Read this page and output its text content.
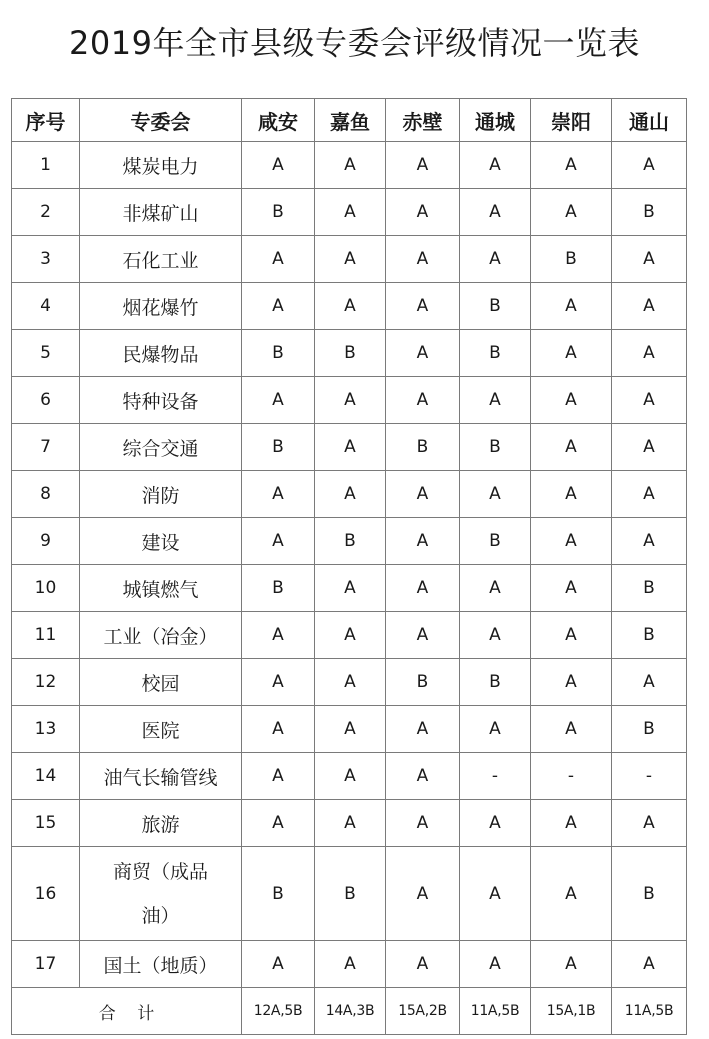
2019年全市县级专委会评级情况一览表
序号	专委会	咸安	嘉鱼	赤壁	通城	崇阳	通山
1	煤炭电力	A	A	A	A	A	A
2	非煤矿山	B	A	A	A	A	B
3	石化工业	A	A	A	A	B	A
4	烟花爆竹	A	A	A	B	A	A
5	民爆物品	B	B	A	B	A	A
6	特种设备	A	A	A	A	A	A
7	综合交通	B	A	B	B	A	A
8	消防	A	A	A	A	A	A
9	建设	A	B	A	B	A	A
10	城镇燃气	B	A	A	A	A	B
11	工业（冶金）	A	A	A	A	A	B
12	校园	A	A	B	B	A	A
13	医院	A	A	A	A	A	B
14	油气长输管线	A	A	A	-	-	-
15	旅游	A	A	A	A	A	A
16	商贸（成品
油）	B	B	A	A	A	B
17	国土（地质）	A	A	A	A	A	A
合    计		12A,5B	14A,3B	15A,2B	11A,5B	15A,1B	11A,5B
